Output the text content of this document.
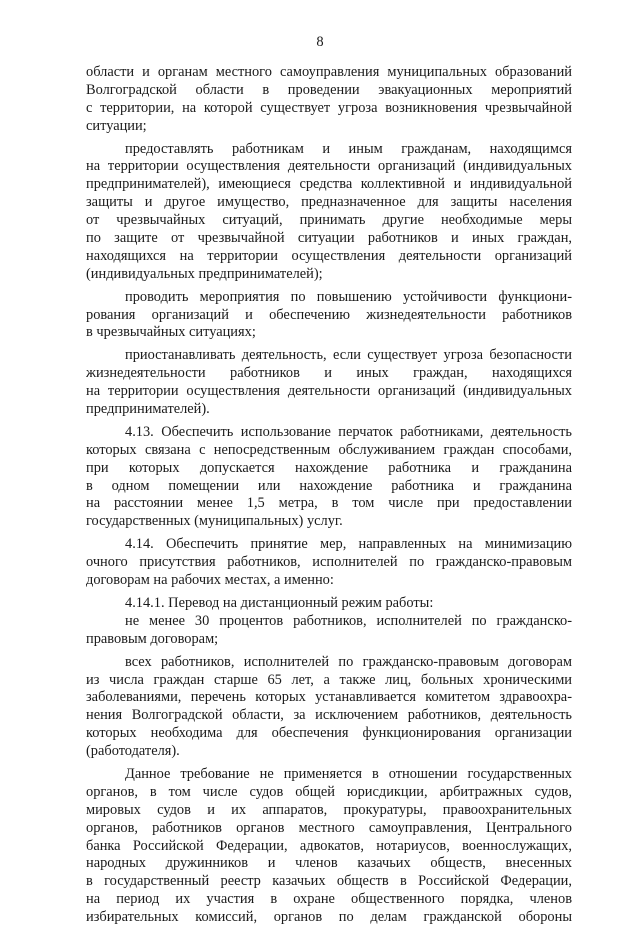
8
области и органам местного самоуправления муниципальных образований
Волгоградской области в проведении эвакуационных мероприятий
с территории, на которой существует угроза возникновения чрезвычайной
ситуации;
предоставлять работникам и иным гражданам, находящимся
на территории осуществления деятельности организаций (индивидуальных
предпринимателей), имеющиеся средства коллективной и индивидуальной
защиты и другое имущество, предназначенное для защиты населения
от чрезвычайных ситуаций, принимать другие необходимые меры
по защите от чрезвычайной ситуации работников и иных граждан,
находящихся на территории осуществления деятельности организаций
(индивидуальных предпринимателей);
проводить мероприятия по повышению устойчивости функциони-
рования организаций и обеспечению жизнедеятельности работников
в чрезвычайных ситуациях;
приостанавливать деятельность, если существует угроза безопасности
жизнедеятельности работников и иных граждан, находящихся
на территории осуществления деятельности организаций (индивидуальных
предпринимателей).
4.13. Обеспечить использование перчаток работниками, деятельность
которых связана с непосредственным обслуживанием граждан способами,
при которых допускается нахождение работника и гражданина
в одном помещении или нахождение работника и гражданина
на расстоянии менее 1,5 метра, в том числе при предоставлении
государственных (муниципальных) услуг.
4.14. Обеспечить принятие мер, направленных на минимизацию
очного присутствия работников, исполнителей по гражданско-правовым
договорам на рабочих местах, а именно:
4.14.1. Перевод на дистанционный режим работы:
не менее 30 процентов работников, исполнителей по гражданско-
правовым договорам;
всех работников, исполнителей по гражданско-правовым договорам
из числа граждан старше 65 лет, а также лиц, больных хроническими
заболеваниями, перечень которых устанавливается комитетом здравоохра-
нения Волгоградской области, за исключением работников, деятельность
которых необходима для обеспечения функционирования организации
(работодателя).
Данное требование не применяется в отношении государственных
органов, в том числе судов общей юрисдикции, арбитражных судов,
мировых судов и их аппаратов, прокуратуры, правоохранительных
органов, работников органов местного самоуправления, Центрального
банка Российской Федерации, адвокатов, нотариусов, военнослужащих,
народных дружинников и членов казачьих обществ, внесенных
в государственный реестр казачьих обществ в Российской Федерации,
на период их участия в охране общественного порядка, членов
избирательных комиссий, органов по делам гражданской обороны
